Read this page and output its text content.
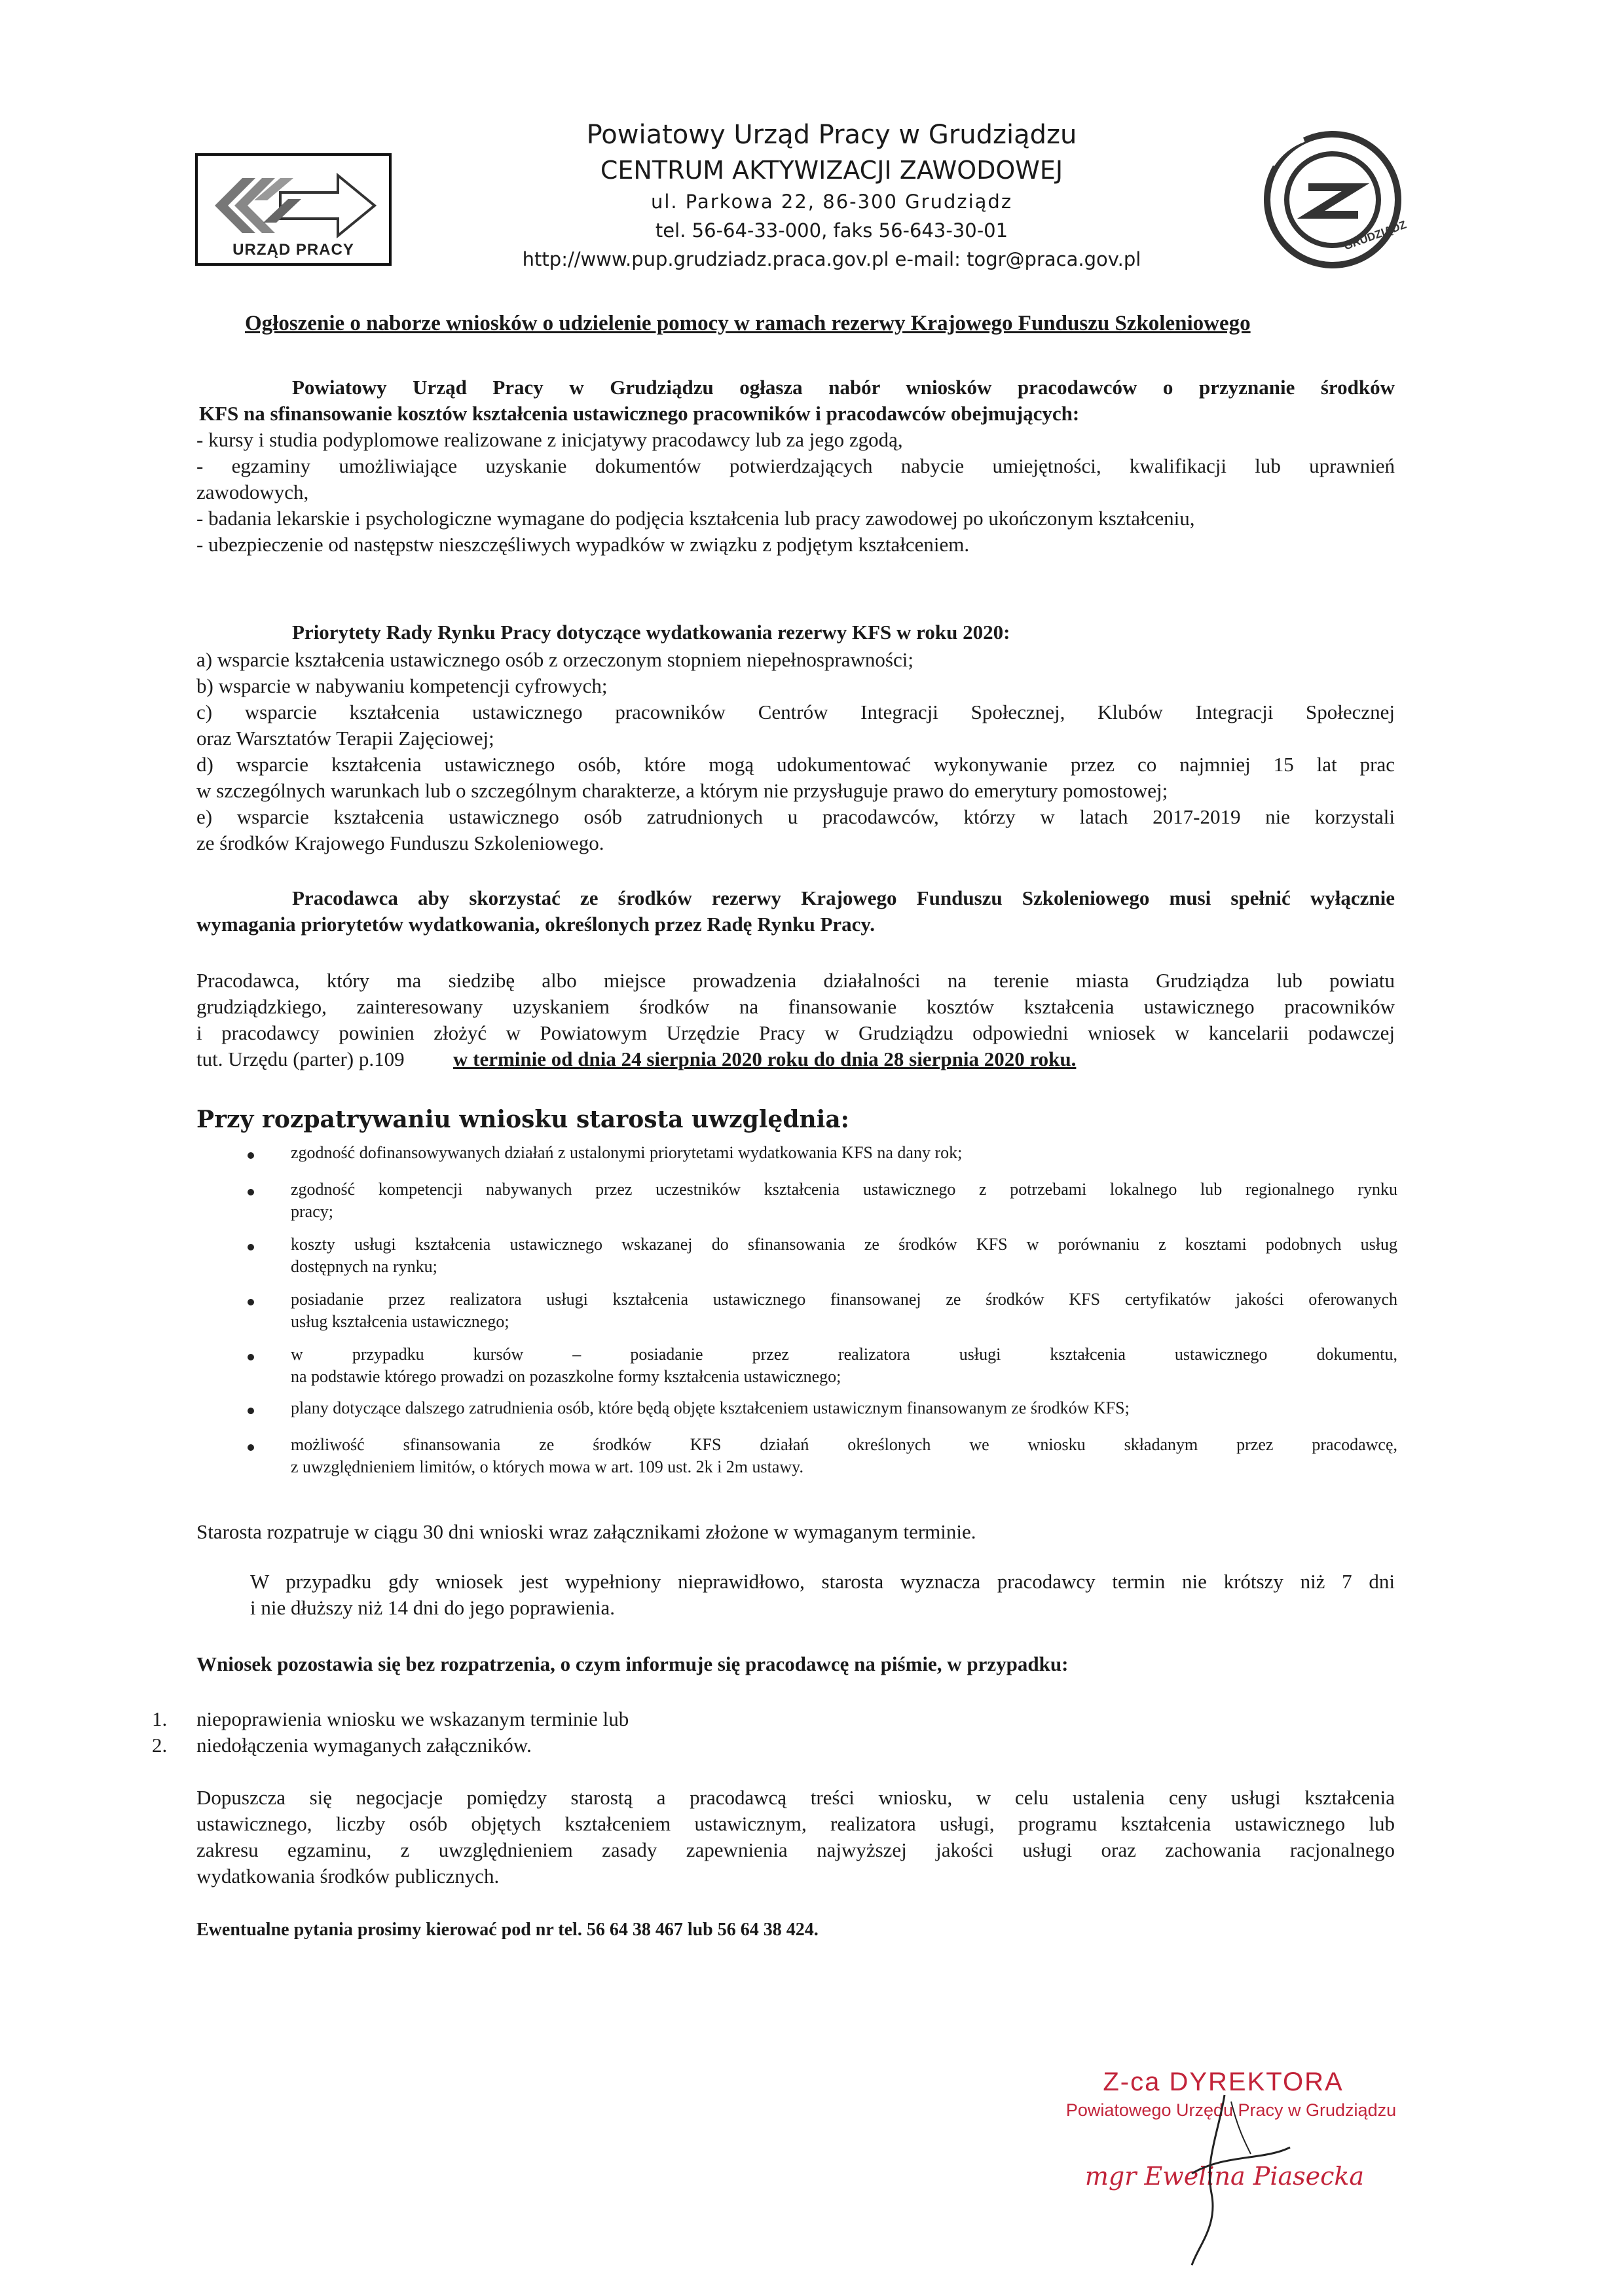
URZĄD PRACY
Powiatowy Urząd Pracy w Grudziądzu
CENTRUM AKTYWIZACJI ZAWODOWEJ
ul. Parkowa 22, 86-300 Grudziądz
tel. 56-64-33-000, faks 56-643-30-01
http://www.pup.grudziadz.praca.gov.pl e-mail: togr@praca.gov.pl
GRUDZIĄDZ
Ogłoszenie o naborze wniosków o udzielenie pomocy w ramach rezerwy Krajowego Funduszu Szkoleniowego
Powiatowy Urząd Pracy w Grudziądzu ogłasza nabór wniosków pracodawców o przyznanie środków
KFS na sfinansowanie kosztów kształcenia ustawicznego pracowników i pracodawców obejmujących:
- kursy i studia podyplomowe realizowane z inicjatywy pracodawcy lub za jego zgodą,
- egzaminy umożliwiające uzyskanie dokumentów potwierdzających nabycie umiejętności, kwalifikacji lub uprawnień
zawodowych,
- badania lekarskie i psychologiczne wymagane do podjęcia kształcenia lub pracy zawodowej po ukończonym kształceniu,
- ubezpieczenie od następstw nieszczęśliwych wypadków w związku z podjętym kształceniem.
Priorytety Rady Rynku Pracy dotyczące wydatkowania rezerwy KFS w roku 2020:
a) wsparcie kształcenia ustawicznego osób z orzeczonym stopniem niepełnosprawności;
b) wsparcie w nabywaniu kompetencji cyfrowych;
c) wsparcie kształcenia ustawicznego pracowników Centrów Integracji Społecznej, Klubów Integracji Społecznej
oraz Warsztatów Terapii Zajęciowej;
d) wsparcie kształcenia ustawicznego osób, które mogą udokumentować wykonywanie przez co najmniej 15 lat prac
w szczególnych warunkach lub o szczególnym charakterze, a którym nie przysługuje prawo do emerytury pomostowej;
e) wsparcie kształcenia ustawicznego osób zatrudnionych u pracodawców, którzy w latach 2017-2019 nie korzystali
ze środków Krajowego Funduszu Szkoleniowego.
Pracodawca aby skorzystać ze środków rezerwy Krajowego Funduszu Szkoleniowego musi spełnić wyłącznie
wymagania priorytetów wydatkowania, określonych przez Radę Rynku Pracy.
Pracodawca, który ma siedzibę albo miejsce prowadzenia działalności na terenie miasta Grudziądza lub powiatu
grudziądzkiego, zainteresowany uzyskaniem środków na finansowanie kosztów kształcenia ustawicznego pracowników
i pracodawcy powinien złożyć w Powiatowym Urzędzie Pracy w Grudziądzu odpowiedni wniosek w kancelarii podawczej
tut. Urzędu (parter) p.109 w terminie od dnia 24 sierpnia 2020 roku do dnia 28 sierpnia 2020 roku.
Przy rozpatrywaniu wniosku starosta uwzględnia:
zgodność dofinansowywanych działań z ustalonymi priorytetami wydatkowania KFS na dany rok;
zgodność kompetencji nabywanych przez uczestników kształcenia ustawicznego z potrzebami lokalnego lub regionalnego rynku
pracy;
koszty usługi kształcenia ustawicznego wskazanej do sfinansowania ze środków KFS w porównaniu z kosztami podobnych usług
dostępnych na rynku;
posiadanie przez realizatora usługi kształcenia ustawicznego finansowanej ze środków KFS certyfikatów jakości oferowanych
usług kształcenia ustawicznego;
w przypadku kursów – posiadanie przez realizatora usługi kształcenia ustawicznego dokumentu,
na podstawie którego prowadzi on pozaszkolne formy kształcenia ustawicznego;
plany dotyczące dalszego zatrudnienia osób, które będą objęte kształceniem ustawicznym finansowanym ze środków KFS;
możliwość sfinansowania ze środków KFS działań określonych we wniosku składanym przez pracodawcę,
z uwzględnieniem limitów, o których mowa w art. 109 ust. 2k i 2m ustawy.
Starosta rozpatruje w ciągu 30 dni wnioski wraz załącznikami złożone w wymaganym terminie.
W przypadku gdy wniosek jest wypełniony nieprawidłowo, starosta wyznacza pracodawcy termin nie krótszy niż 7 dni
i nie dłuższy niż 14 dni do jego poprawienia.
Wniosek pozostawia się bez rozpatrzenia, o czym informuje się pracodawcę na piśmie, w przypadku:
1. niepoprawienia wniosku we wskazanym terminie lub
2. niedołączenia wymaganych załączników.
Dopuszcza się negocjacje pomiędzy starostą a pracodawcą treści wniosku, w celu ustalenia ceny usługi kształcenia
ustawicznego, liczby osób objętych kształceniem ustawicznym, realizatora usługi, programu kształcenia ustawicznego lub
zakresu egzaminu, z uwzględnieniem zasady zapewnienia najwyższej jakości usługi oraz zachowania racjonalnego
wydatkowania środków publicznych.
Ewentualne pytania prosimy kierować pod nr tel. 56 64 38 467 lub 56 64 38 424.
Z-ca DYREKTORA
Powiatowego Urzędu Pracy w Grudziądzu
mgr Ewelina Piasecka
